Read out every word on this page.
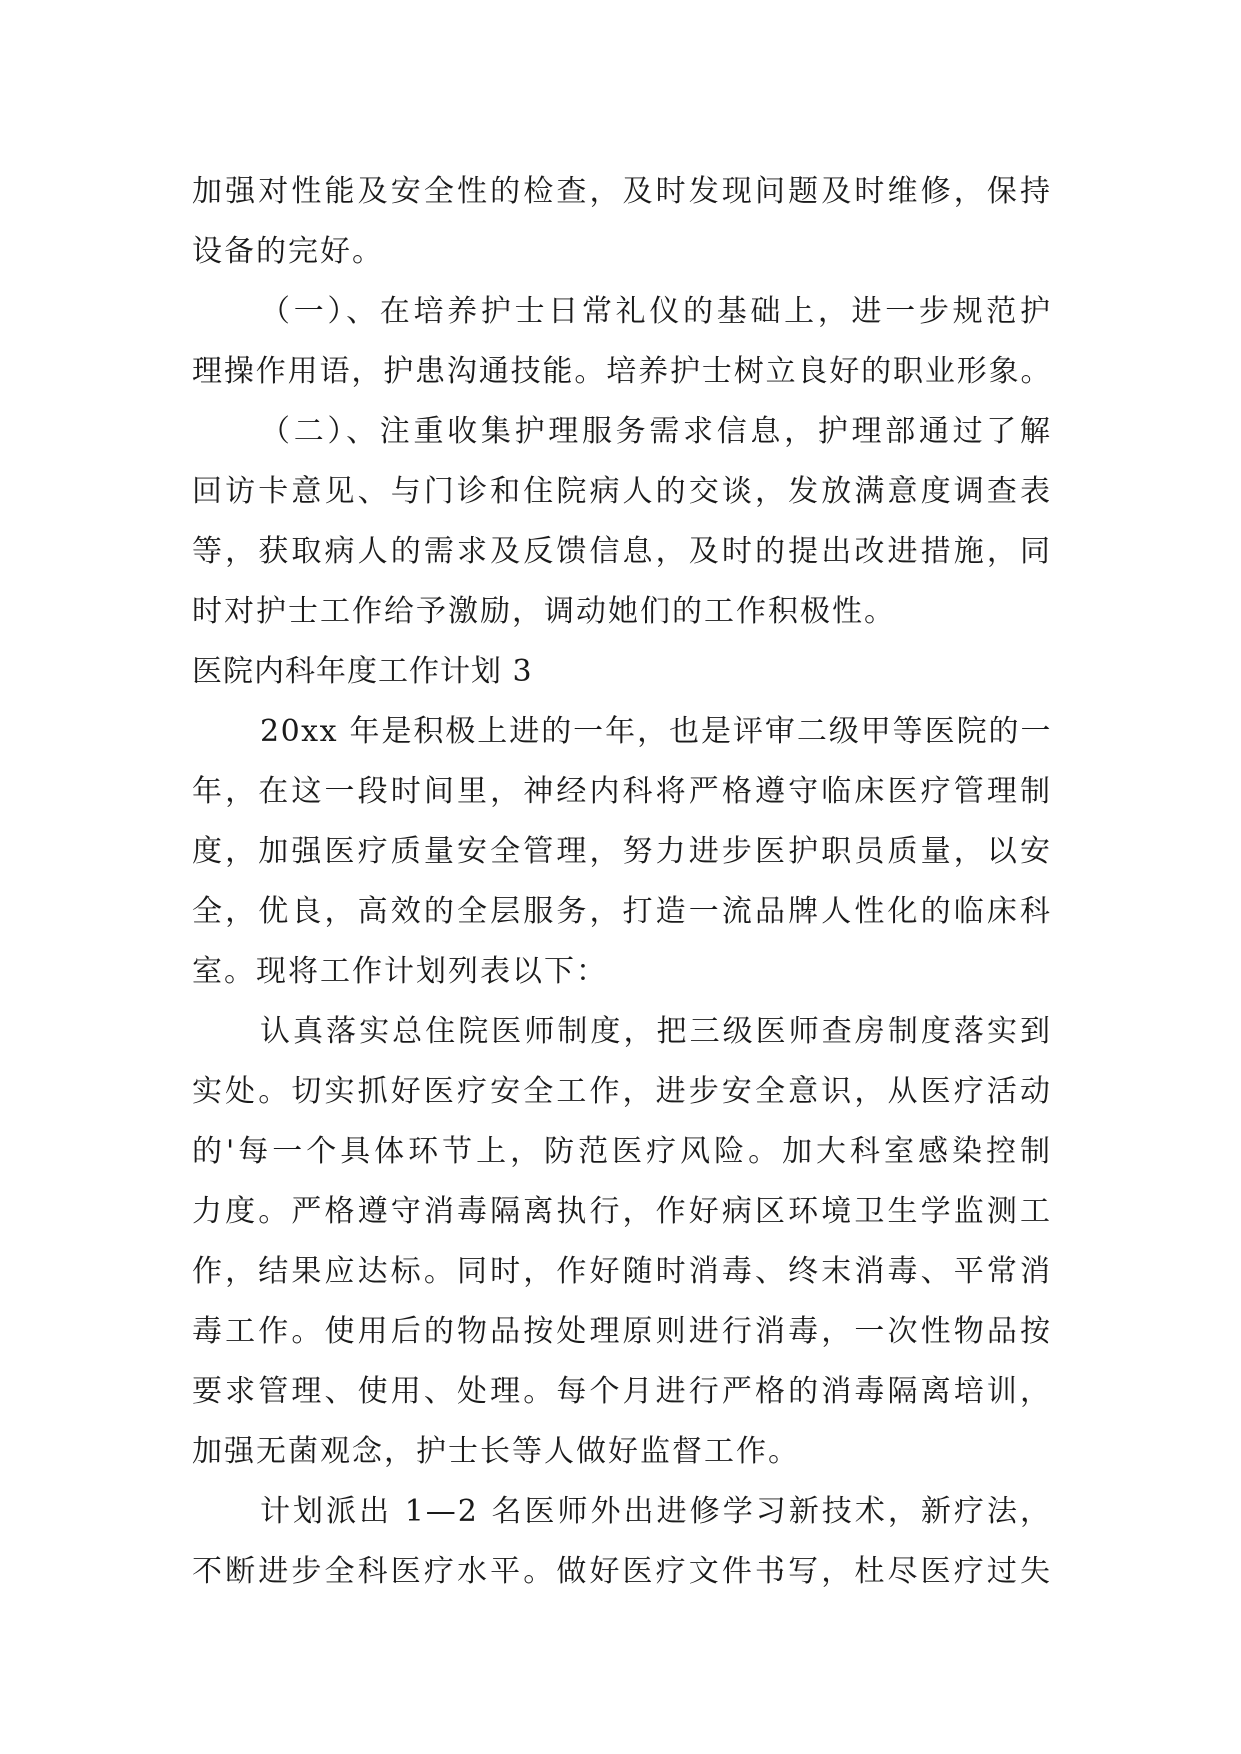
加强对性能及安全性的检查，及时发现问题及时维修，保持
设备的完好。
（一）、在培养护士日常礼仪的基础上，进一步规范护
理操作用语，护患沟通技能。培养护士树立良好的职业形象。
（二）、注重收集护理服务需求信息，护理部通过了解
回访卡意见、与门诊和住院病人的交谈，发放满意度调查表
等，获取病人的需求及反馈信息，及时的提出改进措施，同
时对护士工作给予激励，调动她们的工作积极性。
医院内科年度工作计划 3
20xx 年是积极上进的一年，也是评审二级甲等医院的一
年，在这一段时间里，神经内科将严格遵守临床医疗管理制
度，加强医疗质量安全管理，努力进步医护职员质量，以安
全，优良，高效的全层服务，打造一流品牌人性化的临床科
室。现将工作计划列表以下：
认真落实总住院医师制度，把三级医师查房制度落实到
实处。切实抓好医疗安全工作，进步安全意识，从医疗活动
的'每一个具体环节上，防范医疗风险。加大科室感染控制
力度。严格遵守消毒隔离执行，作好病区环境卫生学监测工
作，结果应达标。同时，作好随时消毒、终末消毒、平常消
毒工作。使用后的物品按处理原则进行消毒，一次性物品按
要求管理、使用、处理。每个月进行严格的消毒隔离培训，
加强无菌观念，护士长等人做好监督工作。
计划派出 1—2 名医师外出进修学习新技术，新疗法，
不断进步全科医疗水平。做好医疗文件书写，杜尽医疗过失
